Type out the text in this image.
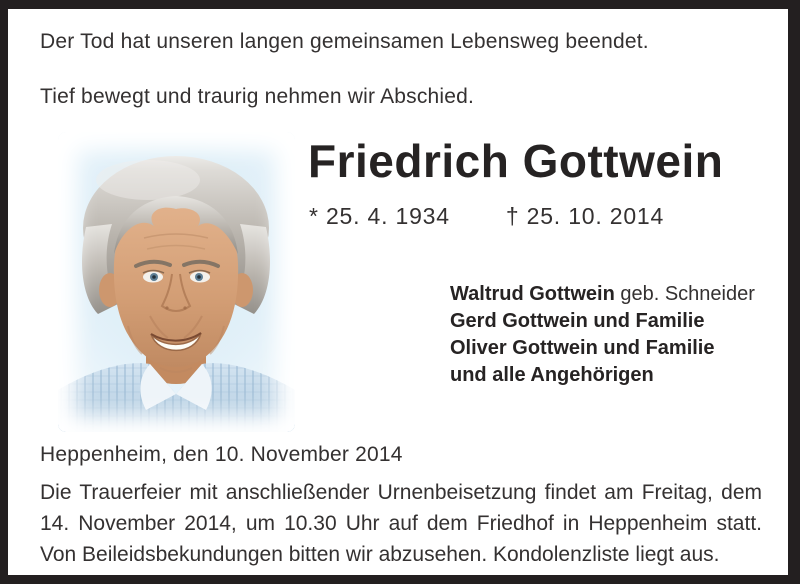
Der Tod hat unseren langen gemeinsamen Lebensweg beendet.
Tief bewegt und traurig nehmen wir Abschied.
Friedrich Gottwein
* 25. 4. 1934 † 25. 10. 2014
Waltrud Gottwein geb. Schneider
Gerd Gottwein und Familie
Oliver Gottwein und Familie
und alle Angehörigen
Heppenheim, den 10. November 2014

Die Trauerfeier mit anschließender Urnenbeisetzung findet am Freitag, dem 14. November 2014, um 10.30 Uhr auf dem Friedhof in Heppenheim statt. Von Beileidsbekundungen bitten wir abzusehen. Kondolenzliste liegt aus.
